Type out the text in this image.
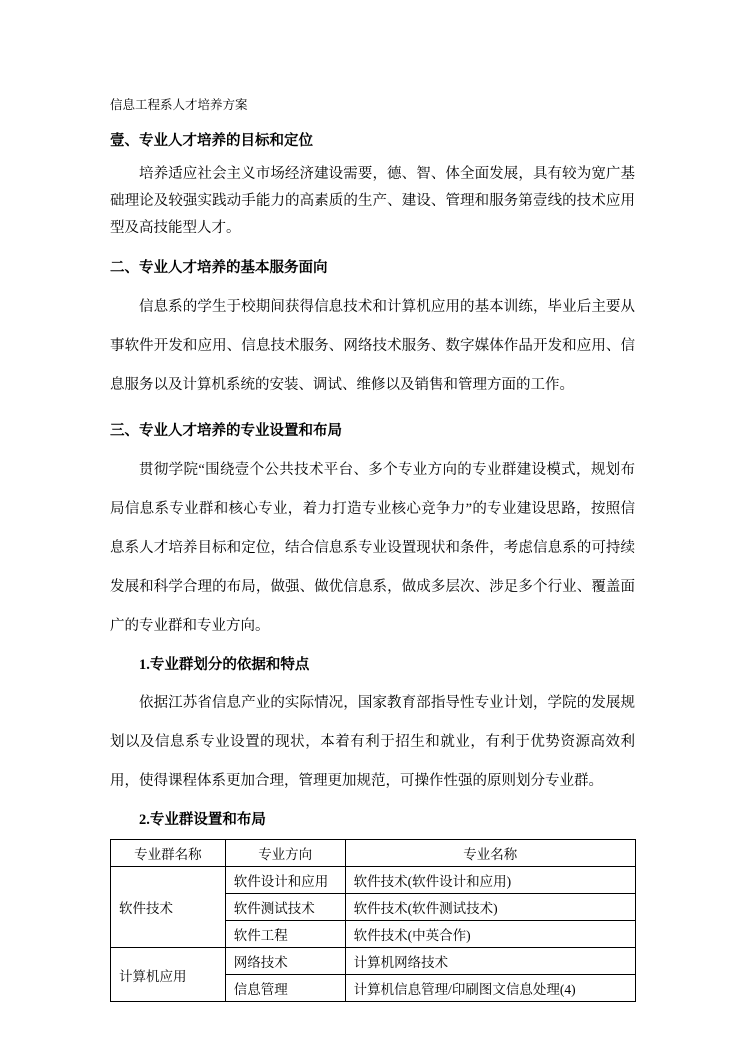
信息工程系人才培养方案

壹、专业人才培养的目标和定位

培养适应社会主义市场经济建设需要，德、智、体全面发展，具有较为宽广基础理论及较强实践动手能力的高素质的生产、建设、管理和服务第壹线的技术应用型及高技能型人才。

二、专业人才培养的基本服务面向

信息系的学生于校期间获得信息技术和计算机应用的基本训练，毕业后主要从事软件开发和应用、信息技术服务、网络技术服务、数字媒体作品开发和应用、信息服务以及计算机系统的安装、调试、维修以及销售和管理方面的工作。

三、专业人才培养的专业设置和布局

贯彻学院“围绕壹个公共技术平台、多个专业方向的专业群建设模式，规划布局信息系专业群和核心专业，着力打造专业核心竞争力”的专业建设思路，按照信息系人才培养目标和定位，结合信息系专业设置现状和条件，考虑信息系的可持续发展和科学合理的布局，做强、做优信息系，做成多层次、涉足多个行业、覆盖面广的专业群和专业方向。

1.专业群划分的依据和特点

依据江苏省信息产业的实际情况，国家教育部指导性专业计划，学院的发展规划以及信息系专业设置的现状，本着有利于招生和就业，有利于优势资源高效利用，使得课程体系更加合理，管理更加规范，可操作性强的原则划分专业群。

2.专业群设置和布局
专业群名称	专业方向	专业名称
软件技术	软件设计和应用	软件技术(软件设计和应用)
	软件测试技术	软件技术(软件测试技术)
	软件工程	软件技术(中英合作)
计算机应用	网络技术	计算机网络技术
	信息管理	计算机信息管理/印刷图文信息处理(4)
